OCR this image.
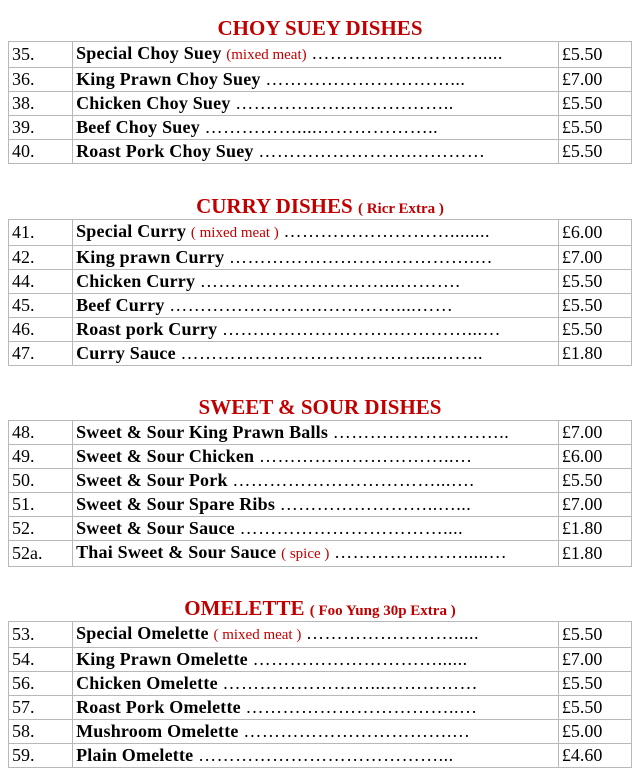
CHOY SUEY DISHES
35.	Special Choy Suey (mixed meat) ……………………….....	£5.50
36.	King Prawn Choy Suey …………………………...	£7.00
38.	Chicken Choy Suey ……………….……………..	£5.50
39.	Beef Choy Suey ……………....………………..	£5.50
40.	Roast Pork Choy Suey …………………….…………	£5.50
CURRY DISHES ( Ricr Extra )
41.	Special Curry ( mixed meat ) ………………………........	£6.00
42.	King prawn Curry ………………………………….…	£7.00
44.	Chicken Curry …………………………...……….	£5.50
45.	Beef Curry …………………….…………....……	£5.50
46.	Roast pork Curry ……………………….…………...…	£5.50
47.	Curry Sauce …………………………………...……..	£1.80
SWEET & SOUR DISHES
48.	Sweet & Sour King Prawn Balls ………………………..	£7.00
49.	Sweet & Sour Chicken …………………………..…	£6.00
50.	Sweet & Sour Pork ……………………………...….	£5.50
51.	Sweet & Sour Spare Ribs ……………………..…...	£7.00
52.	Sweet & Sour Sauce ……………………………....	£1.80
52a.	Thai Sweet & Sour Sauce ( spice ) ………………….....…	£1.80
OMELETTE ( Foo Yung 30p Extra )
53.	Special Omelette ( mixed meat ) …………………….....	£5.50
54.	King Prawn Omelette …………………………......	£7.00
56.	Chicken Omelette ……………………...……………	£5.50
57.	Roast Pork Omelette ……………………………..…	£5.50
58.	Mushroom Omelette …………………………….…	£5.00
59.	Plain Omelette …………………………………...	£4.60
